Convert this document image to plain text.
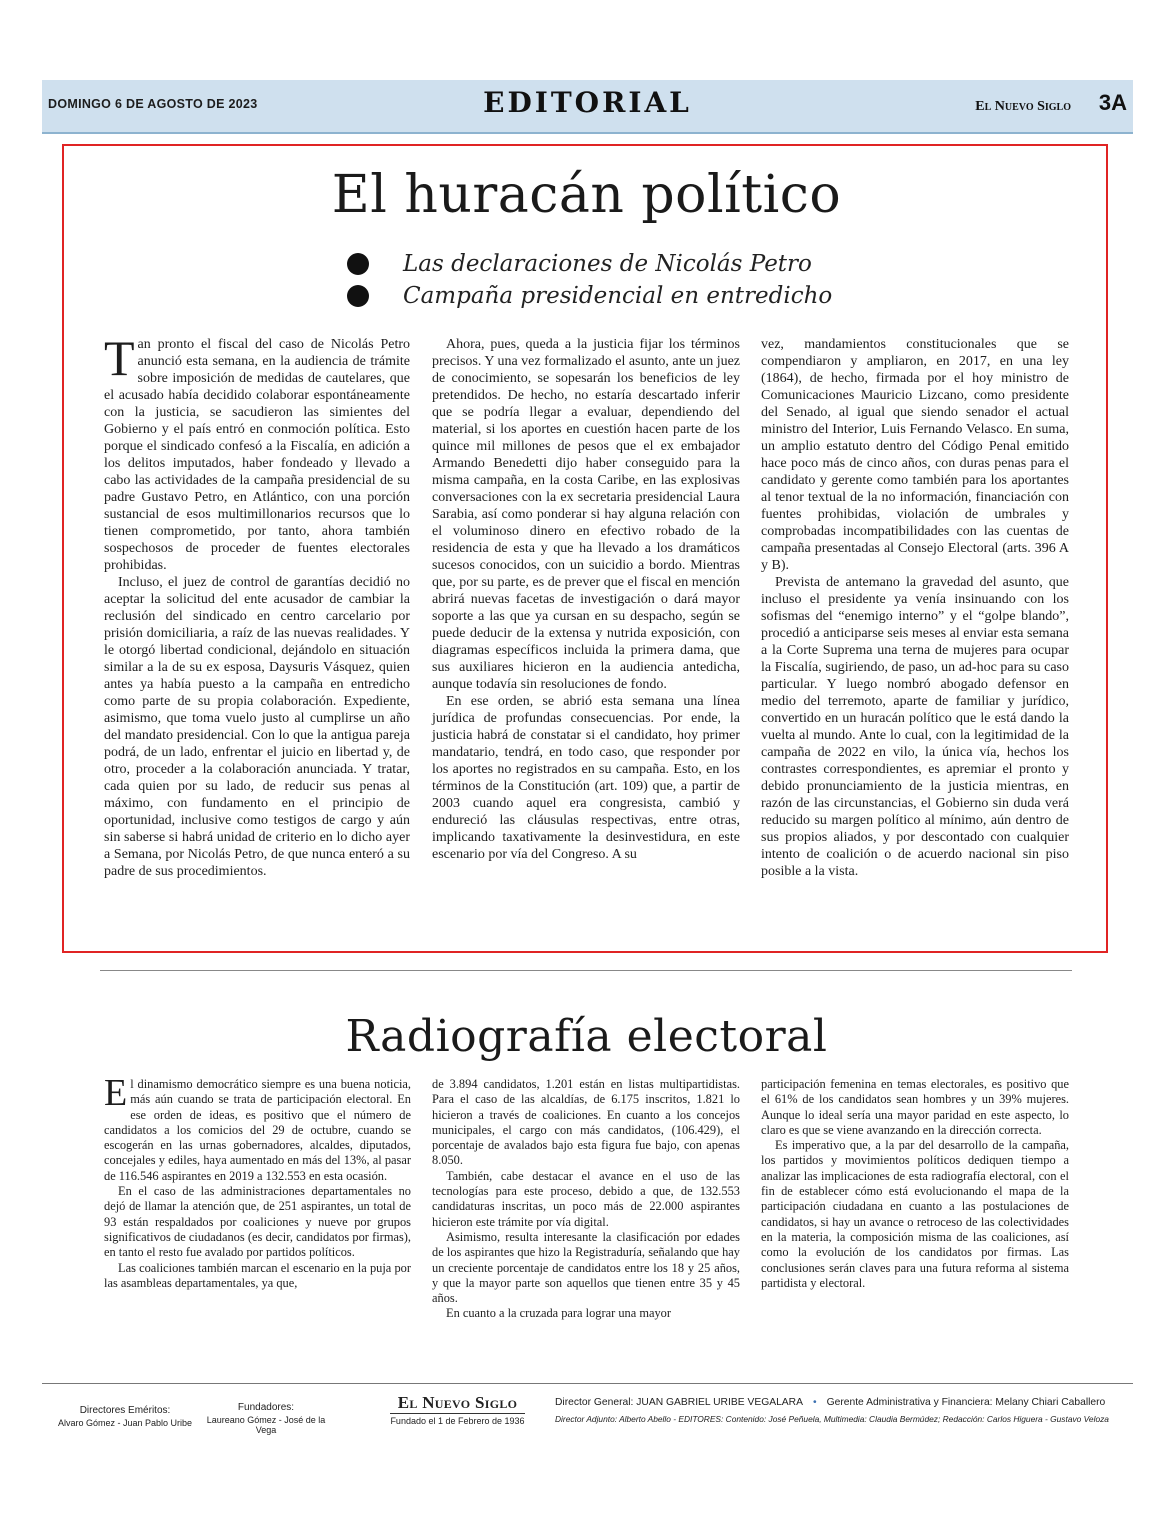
DOMINGO 6 DE AGOSTO DE 2023	EDITORIAL	El Nuevo Siglo 3A
El huracán político
Las declaraciones de Nicolás Petro
Campaña presidencial en entredicho

Tan pronto el fiscal del caso de Nicolás Petro anunció esta semana, en la audiencia de trámite sobre imposición de medidas de cautelares, que el acusado había decidido colaborar espontáneamente con la justicia, se sacudieron las simientes del Gobierno y el país entró en conmoción política. Esto porque el sindicado confesó a la Fiscalía, en adición a los delitos imputados, haber fondeado y llevado a cabo las actividades de la campaña presidencial de su padre Gustavo Petro, en Atlántico, con una porción sustancial de esos multimillonarios recursos que lo tienen comprometido, por tanto, ahora también sospechosos de proceder de fuentes electorales prohibidas.

Incluso, el juez de control de garantías decidió no aceptar la solicitud del ente acusador de cambiar la reclusión del sindicado en centro carcelario por prisión domiciliaria, a raíz de las nuevas realidades. Y le otorgó libertad condicional, dejándolo en situación similar a la de su ex esposa, Daysuris Vásquez, quien antes ya había puesto a la campaña en entredicho como parte de su propia colaboración. Expediente, asimismo, que toma vuelo justo al cumplirse un año del mandato presidencial. Con lo que la antigua pareja podrá, de un lado, enfrentar el juicio en libertad y, de otro, proceder a la colaboración anunciada. Y tratar, cada quien por su lado, de reducir sus penas al máximo, con fundamento en el principio de oportunidad, inclusive como testigos de cargo y aún sin saberse si habrá unidad de criterio en lo dicho ayer a Semana, por Nicolás Petro, de que nunca enteró a su padre de sus procedimientos.

Ahora, pues, queda a la justicia fijar los términos precisos. Y una vez formalizado el asunto, ante un juez de conocimiento, se sopesarán los beneficios de ley pretendidos. De hecho, no estaría descartado inferir que se podría llegar a evaluar, dependiendo del material, si los aportes en cuestión hacen parte de los quince mil millones de pesos que el ex embajador Armando Benedetti dijo haber conseguido para la misma campaña, en la costa Caribe, en las explosivas conversaciones con la ex secretaria presidencial Laura Sarabia, así como ponderar si hay alguna relación con el voluminoso dinero en efectivo robado de la residencia de esta y que ha llevado a los dramáticos sucesos conocidos, con un suicidio a bordo. Mientras que, por su parte, es de prever que el fiscal en mención abrirá nuevas facetas de investigación o dará mayor soporte a las que ya cursan en su despacho, según se puede deducir de la extensa y nutrida exposición, con diagramas específicos incluida la primera dama, que sus auxiliares hicieron en la audiencia antedicha, aunque todavía sin resoluciones de fondo.

En ese orden, se abrió esta semana una línea jurídica de profundas consecuencias. Por ende, la justicia habrá de constatar si el candidato, hoy primer mandatario, tendrá, en todo caso, que responder por los aportes no registrados en su campaña. Esto, en los términos de la Constitución (art. 109) que, a partir de 2003 cuando aquel era congresista, cambió y endureció las cláusulas respectivas, entre otras, implicando taxativamente la desinvestidura, en este escenario por vía del Congreso. A su

vez, mandamientos constitucionales que se compendiaron y ampliaron, en 2017, en una ley (1864), de hecho, firmada por el hoy ministro de Comunicaciones Mauricio Lizcano, como presidente del Senado, al igual que siendo senador el actual ministro del Interior, Luis Fernando Velasco. En suma, un amplio estatuto dentro del Código Penal emitido hace poco más de cinco años, con duras penas para el candidato y gerente como también para los aportantes al tenor textual de la no información, financiación con fuentes prohibidas, violación de umbrales y comprobadas incompatibilidades con las cuentas de campaña presentadas al Consejo Electoral (arts. 396 A y B).

Prevista de antemano la gravedad del asunto, que incluso el presidente ya venía insinuando con los sofismas del “enemigo interno” y el “golpe blando”, procedió a anticiparse seis meses al enviar esta semana a la Corte Suprema una terna de mujeres para ocupar la Fiscalía, sugiriendo, de paso, un ad-hoc para su caso particular. Y luego nombró abogado defensor en medio del terremoto, aparte de familiar y jurídico, convertido en un huracán político que le está dando la vuelta al mundo. Ante lo cual, con la legitimidad de la campaña de 2022 en vilo, la única vía, hechos los contrastes correspondientes, es apremiar el pronto y debido pronunciamiento de la justicia mientras, en razón de las circunstancias, el Gobierno sin duda verá reducido su margen político al mínimo, aún dentro de sus propios aliados, y por descontado con cualquier intento de coalición o de acuerdo nacional sin piso posible a la vista.

Radiografía electoral

El dinamismo democrático siempre es una buena noticia, más aún cuando se trata de participación electoral. En ese orden de ideas, es positivo que el número de candidatos a los comicios del 29 de octubre, cuando se escogerán en las urnas gobernadores, alcaldes, diputados, concejales y ediles, haya aumentado en más del 13%, al pasar de 116.546 aspirantes en 2019 a 132.553 en esta ocasión.

En el caso de las administraciones departamentales no dejó de llamar la atención que, de 251 aspirantes, un total de 93 están respaldados por coaliciones y nueve por grupos significativos de ciudadanos (es decir, candidatos por firmas), en tanto el resto fue avalado por partidos políticos.

Las coaliciones también marcan el escenario en la puja por las asambleas departamentales, ya que,

de 3.894 candidatos, 1.201 están en listas multipartidistas. Para el caso de las alcaldías, de 6.175 inscritos, 1.821 lo hicieron a través de coaliciones. En cuanto a los concejos municipales, el cargo con más candidatos, (106.429), el porcentaje de avalados bajo esta figura fue bajo, con apenas 8.050.

También, cabe destacar el avance en el uso de las tecnologías para este proceso, debido a que, de 132.553 candidaturas inscritas, un poco más de 22.000 aspirantes hicieron este trámite por vía digital.

Asimismo, resulta interesante la clasificación por edades de los aspirantes que hizo la Registraduría, señalando que hay un creciente porcentaje de candidatos entre los 18 y 25 años, y que la mayor parte son aquellos que tienen entre 35 y 45 años.

En cuanto a la cruzada para lograr una mayor

participación femenina en temas electorales, es positivo que el 61% de los candidatos sean hombres y un 39% mujeres. Aunque lo ideal sería una mayor paridad en este aspecto, lo claro es que se viene avanzando en la dirección correcta.

Es imperativo que, a la par del desarrollo de la campaña, los partidos y movimientos políticos dediquen tiempo a analizar las implicaciones de esta radiografía electoral, con el fin de establecer cómo está evolucionando el mapa de la participación ciudadana en cuanto a las postulaciones de candidatos, si hay un avance o retroceso de las colectividades en la materia, la composición misma de las coaliciones, así como la evolución de los candidatos por firmas. Las conclusiones serán claves para una futura reforma al sistema partidista y electoral.

Directores Eméritos:
Alvaro Gómez - Juan Pablo Uribe
Fundadores:
Laureano Gómez - José de la Vega
El Nuevo Siglo
Fundado el 1 de Febrero de 1936
Director General: JUAN GABRIEL URIBE VEGALARA • Gerente Administrativa y Financiera: Melany Chiari Caballero
Director Adjunto: Alberto Abello - EDITORES: Contenido: José Peñuela, Multimedia: Claudia Bermúdez; Redacción: Carlos Higuera - Gustavo Veloza
